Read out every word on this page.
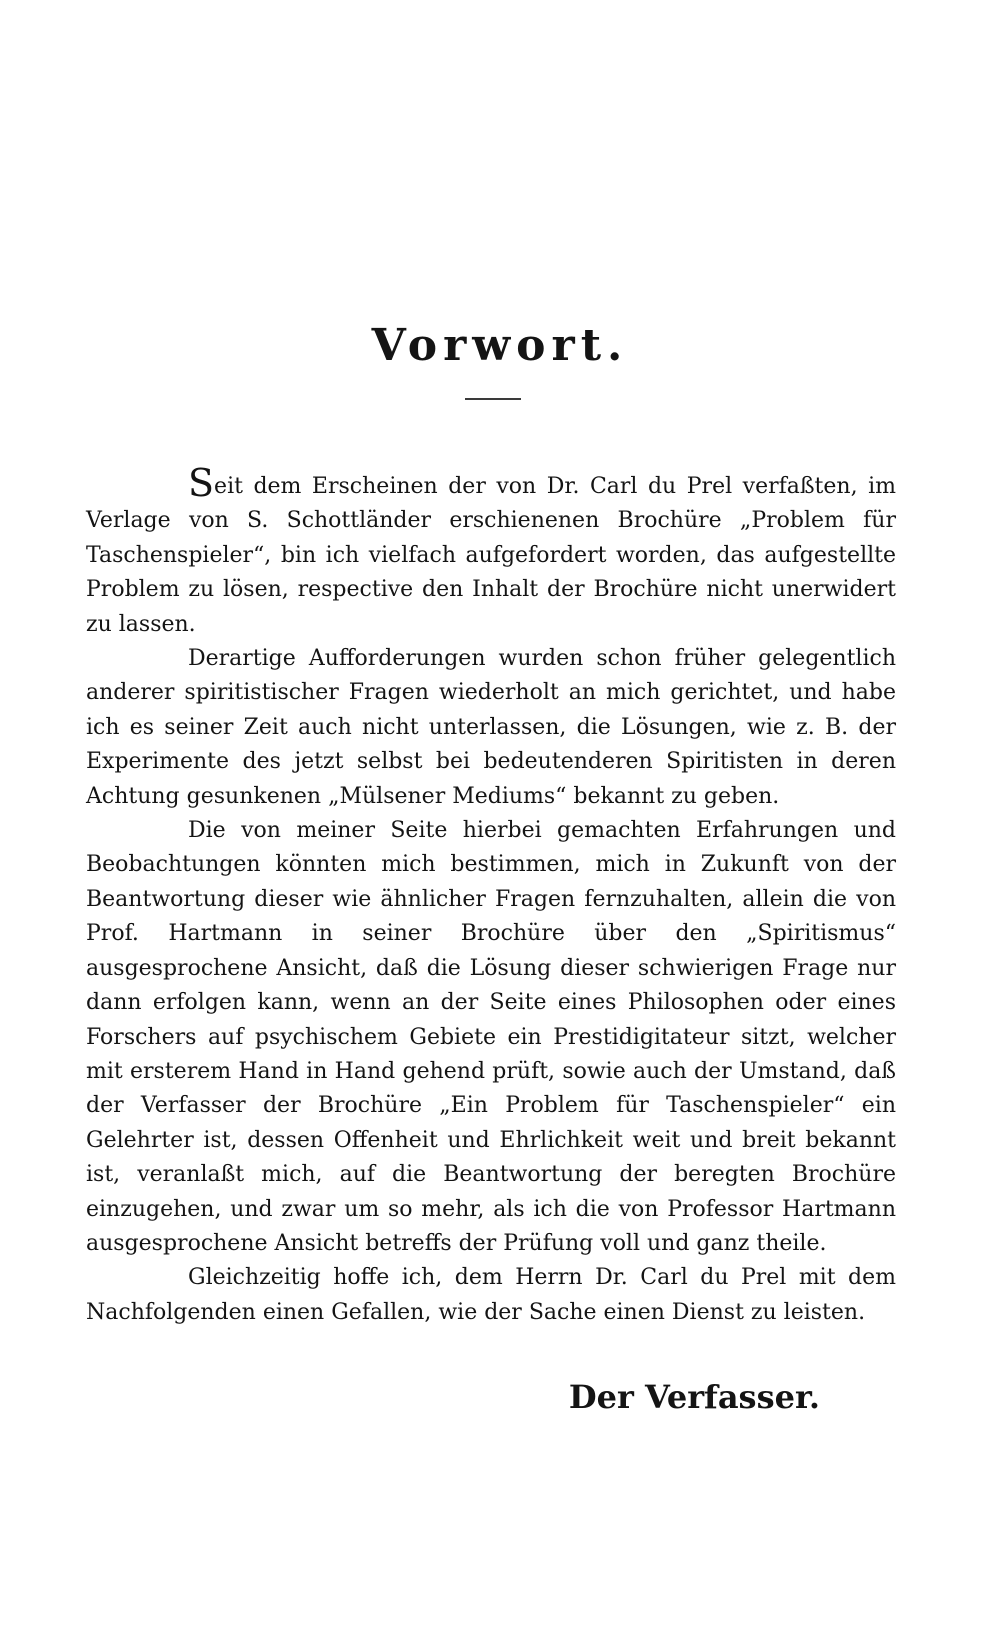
Vorwort.

Seit dem Erscheinen der von Dr. Carl du Prel verfaßten, im Verlage von S. Schottländer erschienenen Brochüre „Problem für Taschenspieler“, bin ich vielfach aufgefordert worden, das aufgestellte Problem zu lösen, respective den Inhalt der Brochüre nicht unerwidert zu lassen.

Derartige Aufforderungen wurden schon früher gelegentlich anderer spiritistischer Fragen wiederholt an mich gerichtet, und habe ich es seiner Zeit auch nicht unterlassen, die Lösungen, wie z. B. der Experimente des jetzt selbst bei bedeutenderen Spiritisten in deren Achtung gesunkenen „Mülsener Mediums“ bekannt zu geben.

Die von meiner Seite hierbei gemachten Erfahrungen und Beobachtungen könnten mich bestimmen, mich in Zukunft von der Beantwortung dieser wie ähnlicher Fragen fernzuhalten, allein die von Prof. Hartmann in seiner Brochüre über den „Spiritismus“ ausgesprochene Ansicht, daß die Lösung dieser schwierigen Frage nur dann erfolgen kann, wenn an der Seite eines Philosophen oder eines Forschers auf psychischem Gebiete ein Prestidigitateur sitzt, welcher mit ersterem Hand in Hand gehend prüft, sowie auch der Umstand, daß der Verfasser der Brochüre „Ein Problem für Taschenspieler“ ein Gelehrter ist, dessen Offenheit und Ehrlichkeit weit und breit bekannt ist, veranlaßt mich, auf die Beantwortung der beregten Brochüre einzugehen, und zwar um so mehr, als ich die von Professor Hartmann ausgesprochene Ansicht betreffs der Prüfung voll und ganz theile.

Gleichzeitig hoffe ich, dem Herrn Dr. Carl du Prel mit dem Nachfolgenden einen Gefallen, wie der Sache einen Dienst zu leisten.

Der Verfasser.
